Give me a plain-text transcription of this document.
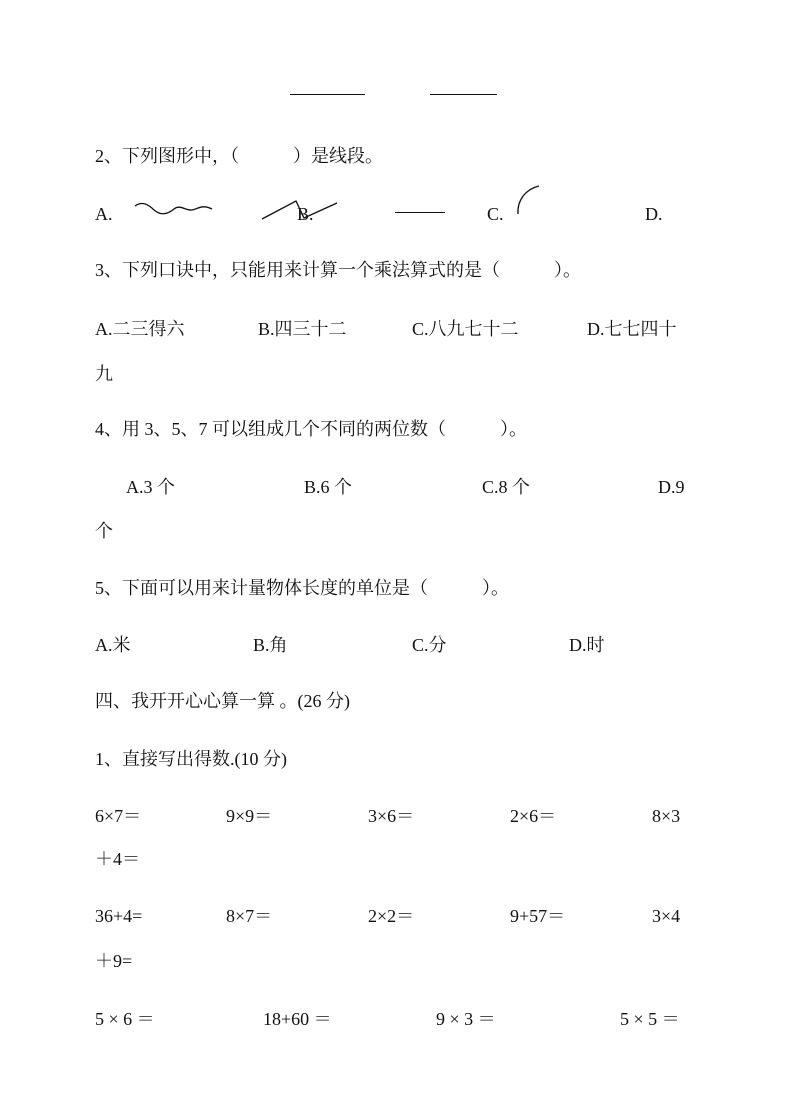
2、下列图形中，（　　　）是线段。
A.	B.	C.	D.
3、下列口诀中，只能用来计算一个乘法算式的是（　　　）。
A.二三得六	B.四三十二	C.八九七十二	D.七七四十
九
4、用 3、5、7 可以组成几个不同的两位数（　　　）。
A.3 个	B.6 个	C.8 个	D.9
个
5、下面可以用来计量物体长度的单位是（　　　）。
A.米	B.角	C.分	D.时
四、我开开心心算一算 。(26 分)
1、直接写出得数.(10 分)
6×7＝	9×9＝	3×6＝	2×6＝	8×3
＋4＝
36+4=	8×7＝	2×2＝	9+57＝	3×4
＋9=
5 × 6 ＝	18+60 ＝	9 × 3 ＝	5 × 5 ＝
